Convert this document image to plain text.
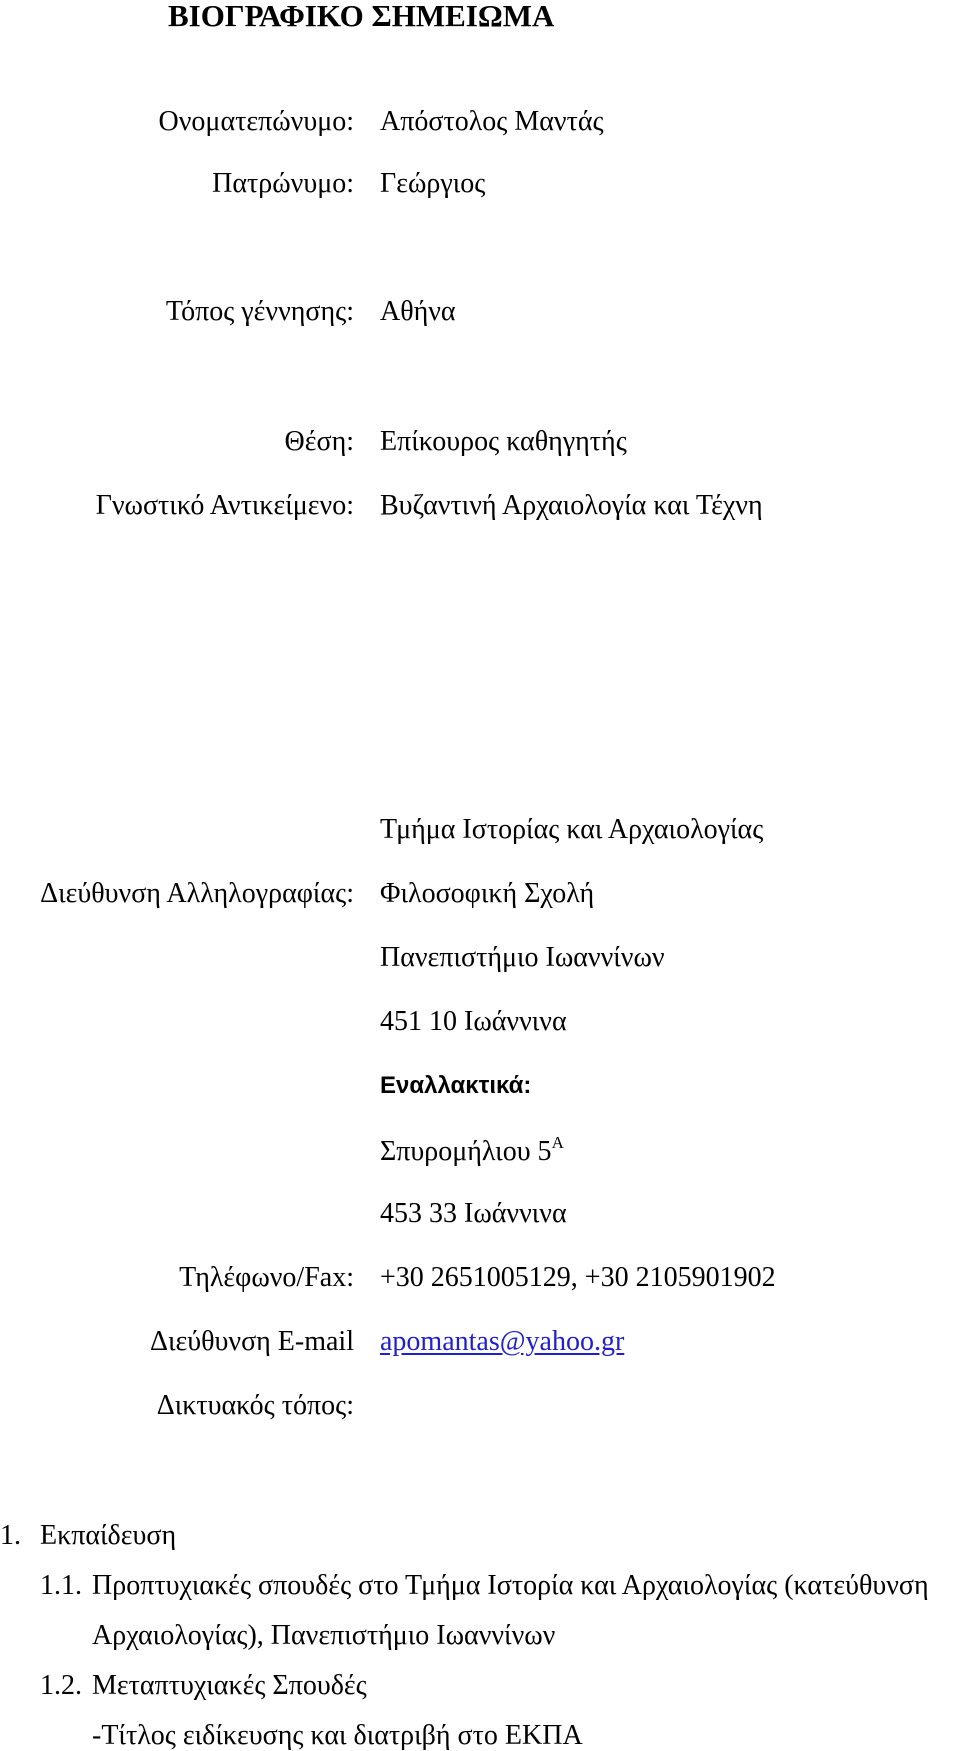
ΒΙΟΓΡΑΦΙΚΟ ΣΗΜΕΙΩΜΑ
Ονοματεπώνυμο: Απόστολος Μαντάς
Πατρώνυμο: Γεώργιος
Τόπος γέννησης: Αθήνα
Θέση: Επίκουρος καθηγητής
Γνωστικό Αντικείμενο: Βυζαντινή Αρχαιολογία και Τέχνη
Τμήμα Ιστορίας και Αρχαιολογίας
Διεύθυνση Αλληλογραφίας: Φιλοσοφική Σχολή
Πανεπιστήμιο Ιωαννίνων
451 10 Ιωάννινα
Εναλλακτικά:
Σπυρομήλιου $5^A$
453 33 Ιωάννινα
Τηλέφωνο/Fax: +30 2651005129, +30 2105901902
Διεύθυνση E-mail apomantas@yahoo.gr
Δικτυακός τόπος:
1. Εκπαίδευση
1.1. Προπτυχιακές σπουδές στο Τμήμα Ιστορία και Αρχαιολογίας (κατεύθυνση
Αρχαιολογίας), Πανεπιστήμιο Ιωαννίνων
1.2. Μεταπτυχιακές Σπουδές
-Τίτλος ειδίκευσης και διατριβή στο ΕΚΠΑ
